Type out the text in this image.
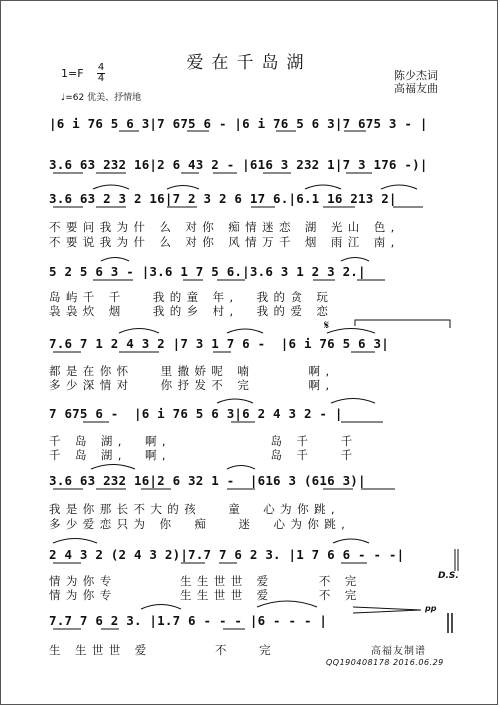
爱在千岛湖
1=F 4
4
♩=62 优美、抒情地
陈少杰词
高福友曲
|6 i 76 5 6 3|7 675 6 - |6 i 76 5 6 3|7 675 3 - |
3.6 63 232 16|2 6 43 2 - |616 3 232 1|7 3 176 -)|
3.6 63 2 3 2 16|7 2 3 2 6 17 6.|6.1 16 213 2|
不要问我为什 么 对你 痴情迷恋 湖 光山 色,
不要说我为什 么 对你 风情万千 烟 雨江 南,
5 2 5 6 3 - |3.6 1 7 5 6.|3.6 3 1 2 3 2.|
岛屿千 千   我的童 年,  我的贪 玩
袅袅炊 烟   我的乡 村,  我的爱 恋
7.6 7 1 2 4 3 2 |7 3 1 7 6 -  |6 i 76 5 6 3|
都是在你怀   里撒娇呢 喃      啊,
多少深情对   你抒发不 完      啊,
7 675 6 -  |6 i 76 5 6 3|6 2 4 3 2 - |
千 岛 湖,  啊,           岛 千   千
千 岛 湖,  啊,           岛 千   千
3.6 63 232 16|2 6 32 1 -  |616 3 (616 3)|
我是你那长不大的孩   童  心为你跳,
多少爱恋只为 你  痴   迷  心为你跳,
2 4 3 2 (2 4 3 2)|7.7 7 6 2 3. |1 7 6 6 - - -|
情为你专       生生世世 爱     不 完
情为你专       生生世世 爱     不 完
D.S.
7.7 7 6 2 3. |1.7 6 - - - |6 - - - |
生 生世世 爱       不   完
pp
高福友制谱
QQ190408178 2016.06.29
𝄋
